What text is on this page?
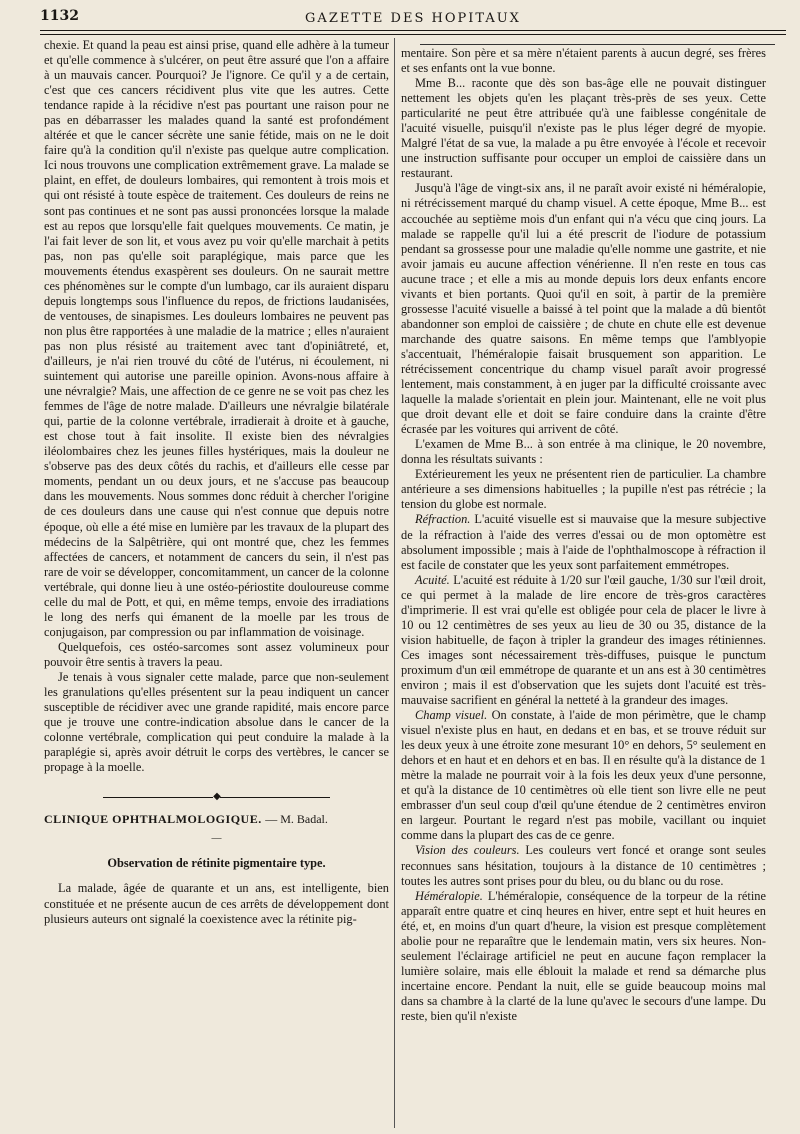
1132	GAZETTE DES HOPITAUX

chexie. Et quand la peau est ainsi prise, quand elle adhère à la tumeur et qu'elle commence à s'ulcérer, on peut être assuré que l'on a affaire à un mauvais cancer. Pourquoi? Je l'ignore. Ce qu'il y a de certain, c'est que ces cancers récidivent plus vite que les autres. Cette tendance rapide à la récidive n'est pas pourtant une raison pour ne pas en débarrasser les malades quand la santé est profondément altérée et que le cancer sécrète une sanie fétide, mais on ne le doit faire qu'à la condition qu'il n'existe pas quelque autre complication. Ici nous trouvons une complication extrêmement grave. La malade se plaint, en effet, de douleurs lombaires, qui remontent à trois mois et qui ont résisté à toute espèce de traitement. Ces douleurs de reins ne sont pas continues et ne sont pas aussi prononcées lorsque la malade est au repos que lorsqu'elle fait quelques mouvements. Ce matin, je l'ai fait lever de son lit, et vous avez pu voir qu'elle marchait à petits pas, non pas qu'elle soit paraplégique, mais parce que les mouvements étendus exaspèrent ses douleurs. On ne saurait mettre ces phénomènes sur le compte d'un lumbago, car ils auraient disparu depuis longtemps sous l'influence du repos, de frictions laudanisées, de ventouses, de sinapismes. Les douleurs lombaires ne peuvent pas non plus être rapportées à une maladie de la matrice ; elles n'auraient pas non plus résisté au traitement avec tant d'opiniâtreté, et, d'ailleurs, je n'ai rien trouvé du côté de l'utérus, ni écoulement, ni suintement qui autorise une pareille opinion. Avons-nous affaire à une névralgie? Mais, une affection de ce genre ne se voit pas chez les femmes de l'âge de notre malade. D'ailleurs une névralgie bilatérale qui, partie de la colonne vertébrale, irradierait à droite et à gauche, est chose tout à fait insolite. Il existe bien des névralgies iléolombaires chez les jeunes filles hystériques, mais la douleur ne s'observe pas des deux côtés du rachis, et d'ailleurs elle cesse par moments, pendant un ou deux jours, et ne s'accuse pas beaucoup dans les mouvements. Nous sommes donc réduit à chercher l'origine de ces douleurs dans une cause qui n'est connue que depuis notre époque, où elle a été mise en lumière par les travaux de la plupart des médecins de la Salpêtrière, qui ont montré que, chez les femmes affectées de cancers, et notamment de cancers du sein, il n'est pas rare de voir se développer, concomitamment, un cancer de la colonne vertébrale, qui donne lieu à une ostéo-périostite douloureuse comme celle du mal de Pott, et qui, en même temps, envoie des irradiations le long des nerfs qui émanent de la moelle par les trous de conjugaison, par compression ou par inflammation de voisinage.

Quelquefois, ces ostéo-sarcomes sont assez volumineux pour pouvoir être sentis à travers la peau.

Je tenais à vous signaler cette malade, parce que non-seulement les granulations qu'elles présentent sur la peau indiquent un cancer susceptible de récidiver avec une grande rapidité, mais encore parce que je trouve une contre-indication absolue dans le cancer de la colonne vertébrale, complication qui peut conduire la malade à la paraplégie si, après avoir détruit le corps des vertèbres, le cancer se propage à la moelle.

◆
CLINIQUE OPHTHALMOLOGIQUE. — M. Badal.
—
Observation de rétinite pigmentaire type.

La malade, âgée de quarante et un ans, est intelligente, bien constituée et ne présente aucun de ces arrêts de développement dont plusieurs auteurs ont signalé la coexistence avec la rétinite pig-

mentaire. Son père et sa mère n'étaient parents à aucun degré, ses frères et ses enfants ont la vue bonne.

Mme B... raconte que dès son bas-âge elle ne pouvait distinguer nettement les objets qu'en les plaçant très-près de ses yeux. Cette particularité ne peut être attribuée qu'à une faiblesse congénitale de l'acuité visuelle, puisqu'il n'existe pas le plus léger degré de myopie. Malgré l'état de sa vue, la malade a pu être envoyée à l'école et recevoir une instruction suffisante pour occuper un emploi de caissière dans un restaurant.

Jusqu'à l'âge de vingt-six ans, il ne paraît avoir existé ni héméralopie, ni rétrécissement marqué du champ visuel. A cette époque, Mme B... est accouchée au septième mois d'un enfant qui n'a vécu que cinq jours. La malade se rappelle qu'il lui a été prescrit de l'iodure de potassium pendant sa grossesse pour une maladie qu'elle nomme une gastrite, et nie avoir jamais eu aucune affection vénérienne. Il n'en reste en tous cas aucune trace ; et elle a mis au monde depuis lors deux enfants encore vivants et bien portants. Quoi qu'il en soit, à partir de la première grossesse l'acuité visuelle a baissé à tel point que la malade a dû bientôt abandonner son emploi de caissière ; de chute en chute elle est devenue marchande des quatre saisons. En même temps que l'amblyopie s'accentuait, l'héméralopie faisait brusquement son apparition. Le rétrécissement concentrique du champ visuel paraît avoir progressé lentement, mais constamment, à en juger par la difficulté croissante avec laquelle la malade s'orientait en plein jour. Maintenant, elle ne voit plus que droit devant elle et doit se faire conduire dans la crainte d'être écrasée par les voitures qui arrivent de côté.

L'examen de Mme B... à son entrée à ma clinique, le 20 novembre, donna les résultats suivants :

Extérieurement les yeux ne présentent rien de particulier. La chambre antérieure a ses dimensions habituelles ; la pupille n'est pas rétrécie ; la tension du globe est normale.

Réfraction. L'acuité visuelle est si mauvaise que la mesure subjective de la réfraction à l'aide des verres d'essai ou de mon optomètre est absolument impossible ; mais à l'aide de l'ophthalmoscope à réfraction il est facile de constater que les yeux sont parfaitement emmétropes.

Acuité. L'acuité est réduite à 1/20 sur l'œil gauche, 1/30 sur l'œil droit, ce qui permet à la malade de lire encore de très-gros caractères d'imprimerie. Il est vrai qu'elle est obligée pour cela de placer le livre à 10 ou 12 centimètres de ses yeux au lieu de 30 ou 35, distance de la vision habituelle, de façon à tripler la grandeur des images rétiniennes. Ces images sont nécessairement très-diffuses, puisque le punctum proximum d'un œil emmétrope de quarante et un ans est à 30 centimètres environ ; mais il est d'observation que les sujets dont l'acuité est très-mauvaise sacrifient en général la netteté à la grandeur des images.

Champ visuel. On constate, à l'aide de mon périmètre, que le champ visuel n'existe plus en haut, en dedans et en bas, et se trouve réduit sur les deux yeux à une étroite zone mesurant 10° en dehors, 5° seulement en dehors et en haut et en dehors et en bas. Il en résulte qu'à la distance de 1 mètre la malade ne pourrait voir à la fois les deux yeux d'une personne, et qu'à la distance de 10 centimètres où elle tient son livre elle ne peut embrasser d'un seul coup d'œil qu'une étendue de 2 centimètres environ en largeur. Pourtant le regard n'est pas mobile, vacillant ou inquiet comme dans la plupart des cas de ce genre.

Vision des couleurs. Les couleurs vert foncé et orange sont seules reconnues sans hésitation, toujours à la distance de 10 centimètres ; toutes les autres sont prises pour du bleu, ou du blanc ou du rose.

Héméralopie. L'héméralopie, conséquence de la torpeur de la rétine apparaît entre quatre et cinq heures en hiver, entre sept et huit heures en été, et, en moins d'un quart d'heure, la vision est presque complètement abolie pour ne reparaître que le lendemain matin, vers six heures. Non-seulement l'éclairage artificiel ne peut en aucune façon remplacer la lumière solaire, mais elle éblouit la malade et rend sa démarche plus incertaine encore. Pendant la nuit, elle se guide beaucoup moins mal dans sa chambre à la clarté de la lune qu'avec le secours d'une lampe. Du reste, bien qu'il n'existe
